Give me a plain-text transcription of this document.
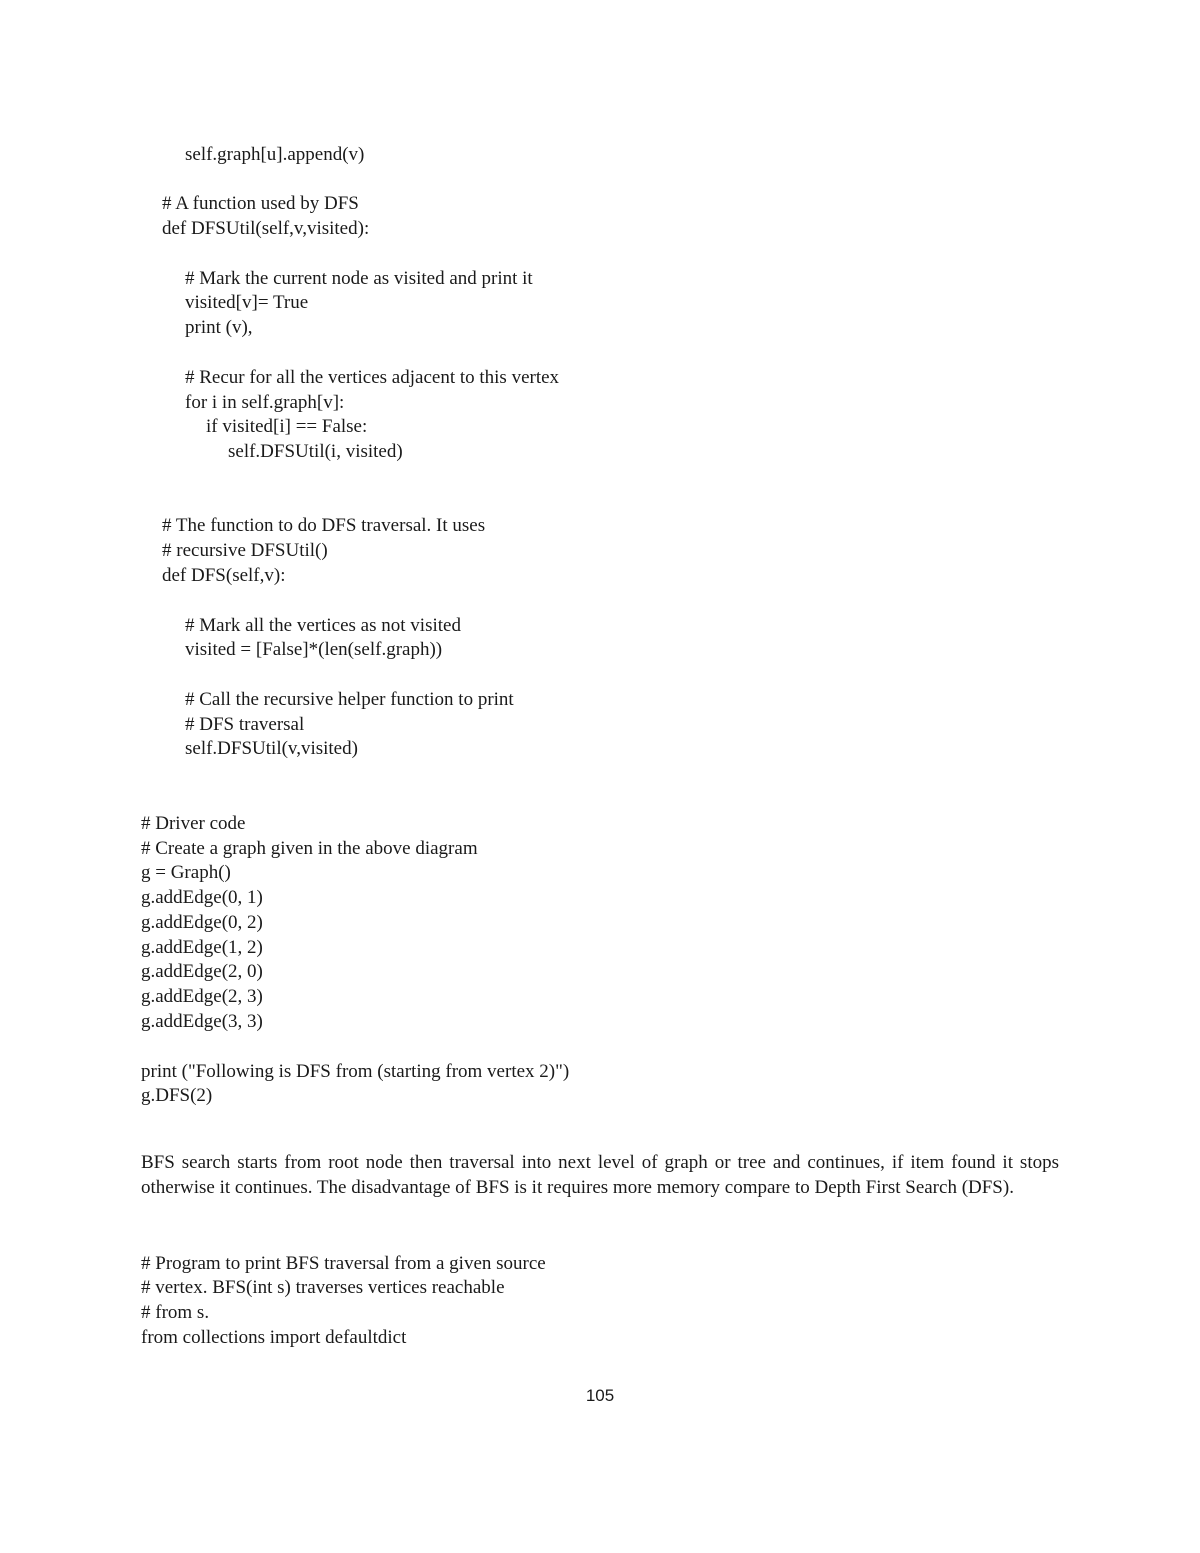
self.graph[u].append(v)
# A function used by DFS
def DFSUtil(self,v,visited):
# Mark the current node as visited and print it
visited[v]= True
print (v),
# Recur for all the vertices adjacent to this vertex
for i in self.graph[v]:
if visited[i] == False:
self.DFSUtil(i, visited)
# The function to do DFS traversal. It uses
# recursive DFSUtil()
def DFS(self,v):
# Mark all the vertices as not visited
visited = [False]*(len(self.graph))
# Call the recursive helper function to print
# DFS traversal
self.DFSUtil(v,visited)
# Driver code
# Create a graph given in the above diagram
g = Graph()
g.addEdge(0, 1)
g.addEdge(0, 2)
g.addEdge(1, 2)
g.addEdge(2, 0)
g.addEdge(2, 3)
g.addEdge(3, 3)
print ("Following is DFS from (starting from vertex 2)")
g.DFS(2)
BFS search starts from root node then traversal into next level of graph or tree and continues, if item found it stops otherwise it continues. The disadvantage of BFS is it requires more memory compare to Depth First Search (DFS).
# Program to print BFS traversal from a given source
# vertex. BFS(int s) traverses vertices reachable
# from s.
from collections import defaultdict
105
